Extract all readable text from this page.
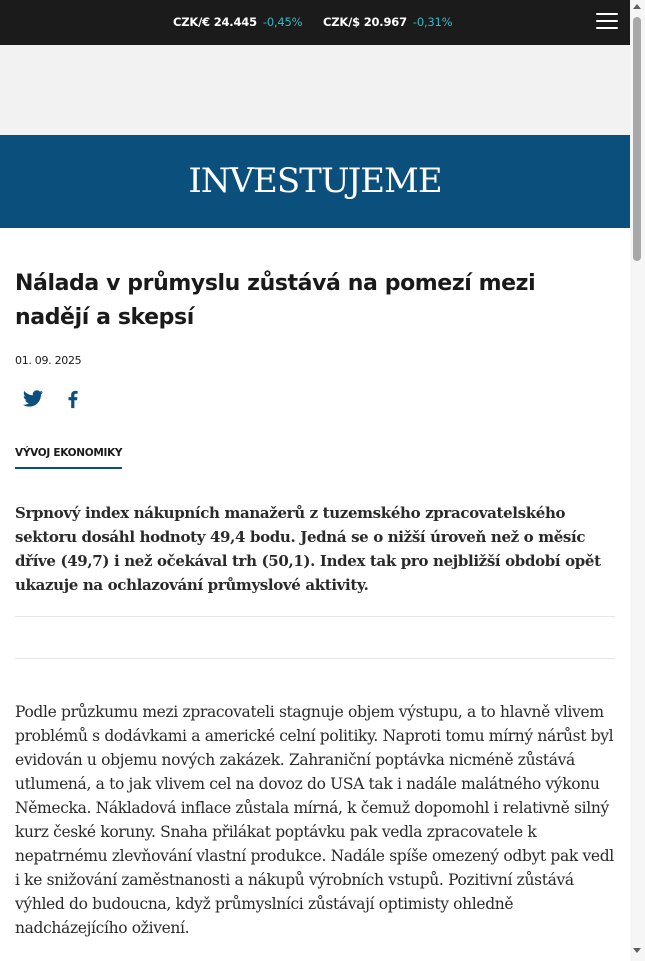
CZK/€ 24.445 -0,45% CZK/$ 20.967 -0,31%
INVESTUJEME
Nálada v průmyslu zůstává na pomezí mezi nadějí a skepsí
01. 09. 2025
VÝVOJ EKONOMIKY

Srpnový index nákupních manažerů z tuzemského zpracovatelského sektoru dosáhl hodnoty 49,4 bodu. Jedná se o nižší úroveň než o měsíc dříve (49,7) i než očekával trh (50,1). Index tak pro nejbližší období opět ukazuje na ochlazování průmyslové aktivity.

Podle průzkumu mezi zpracovateli stagnuje objem výstupu, a to hlavně vlivem problémů s dodávkami a americké celní politiky. Naproti tomu mírný nárůst byl evidován u objemu nových zakázek. Zahraniční poptávka nicméně zůstává utlumená, a to jak vlivem cel na dovoz do USA tak i nadále malátného výkonu Německa. Nákladová inflace zůstala mírná, k čemuž dopomohl i relativně silný kurz české koruny. Snaha přilákat poptávku pak vedla zpracovatele k nepatrnému zlevňování vlastní produkce. Nadále spíše omezený odbyt pak vedl i ke snižování zaměstnanosti a nákupů výrobních vstupů. Pozitivní zůstává výhled do budoucna, když průmyslníci zůstávají optimisty ohledně nadcházejícího oživení.
